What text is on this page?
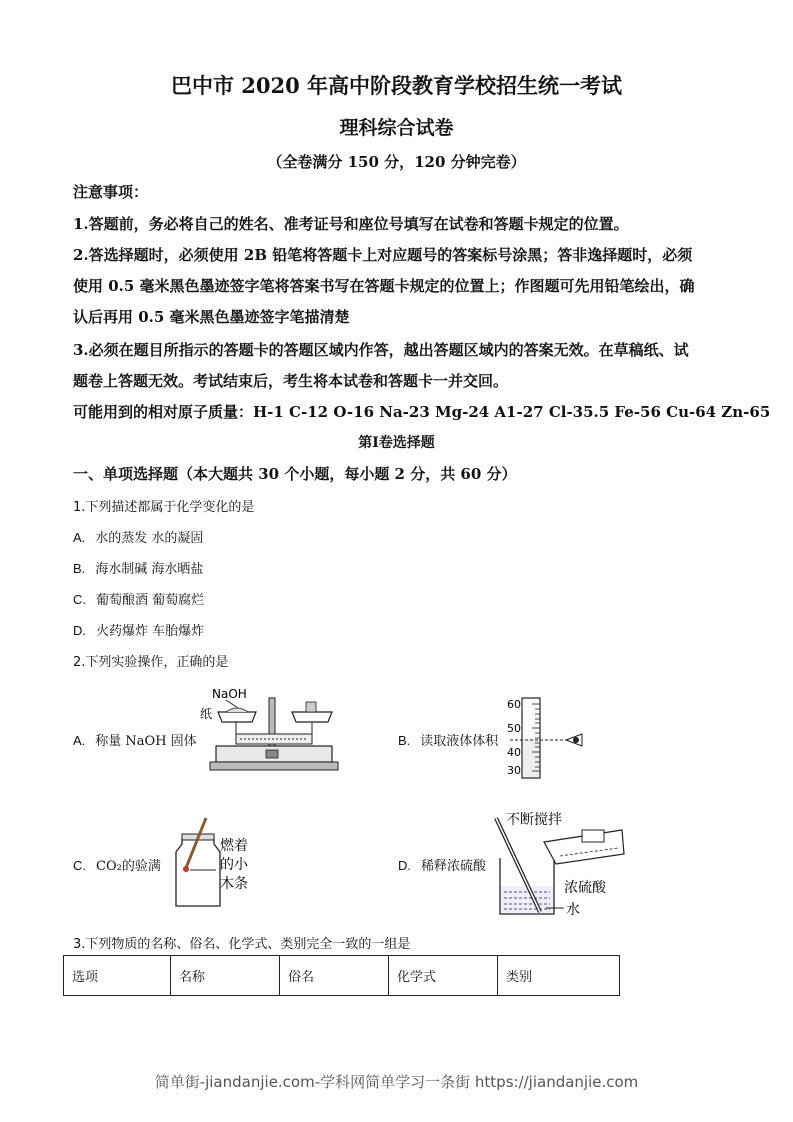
巴中市 2020 年高中阶段教育学校招生统一考试
理科综合试卷
（全卷满分 150 分，120 分钟完卷）
注意事项：
1.答题前，务必将自己的姓名、准考证号和座位号填写在试卷和答题卡规定的位置。
2.答选择题时，必须使用 2B 铅笔将答题卡上对应题号的答案标号涂黑；答非逸择题时，必须
使用 0.5 毫米黑色墨迹签字笔将答案书写在答题卡规定的位置上；作图题可先用铅笔绘出，确
认后再用 0.5 毫米黑色墨迹签字笔描清楚
3.必须在题目所指示的答题卡的答题区域内作答，越出答题区域内的答案无效。在草稿纸、试
题卷上答题无效。考试结束后，考生将本试卷和答题卡一并交回。
可能用到的相对原子质量：H-1 C-12 O-16 Na-23 Mg-24 A1-27 Cl-35.5 Fe-56 Cu-64 Zn-65
第Ⅰ卷选择题
一、单项选择题（本大题共 30 个小题，每小题 2 分，共 60 分）
1.下列描述都属于化学变化的是
A. 水的蒸发 水的凝固
B. 海水制碱 海水晒盐
C. 葡萄酿酒 葡萄腐烂
D. 火药爆炸 车胎爆炸
2.下列实验操作，正确的是
A. 称量 NaOH 固体	B. 读取液体体积
C. CO₂的验满	D. 稀释浓硫酸
NaOH
纸
60
50
40
30
燃着
的小
木条
不断搅拌
浓硫酸
水
3.下列物质的名称、俗名、化学式、类别完全一致的一组是
选项	名称	俗名	化学式	类别
简单街-jiandanjie.com-学科网简单学习一条街 https://jiandanjie.com
